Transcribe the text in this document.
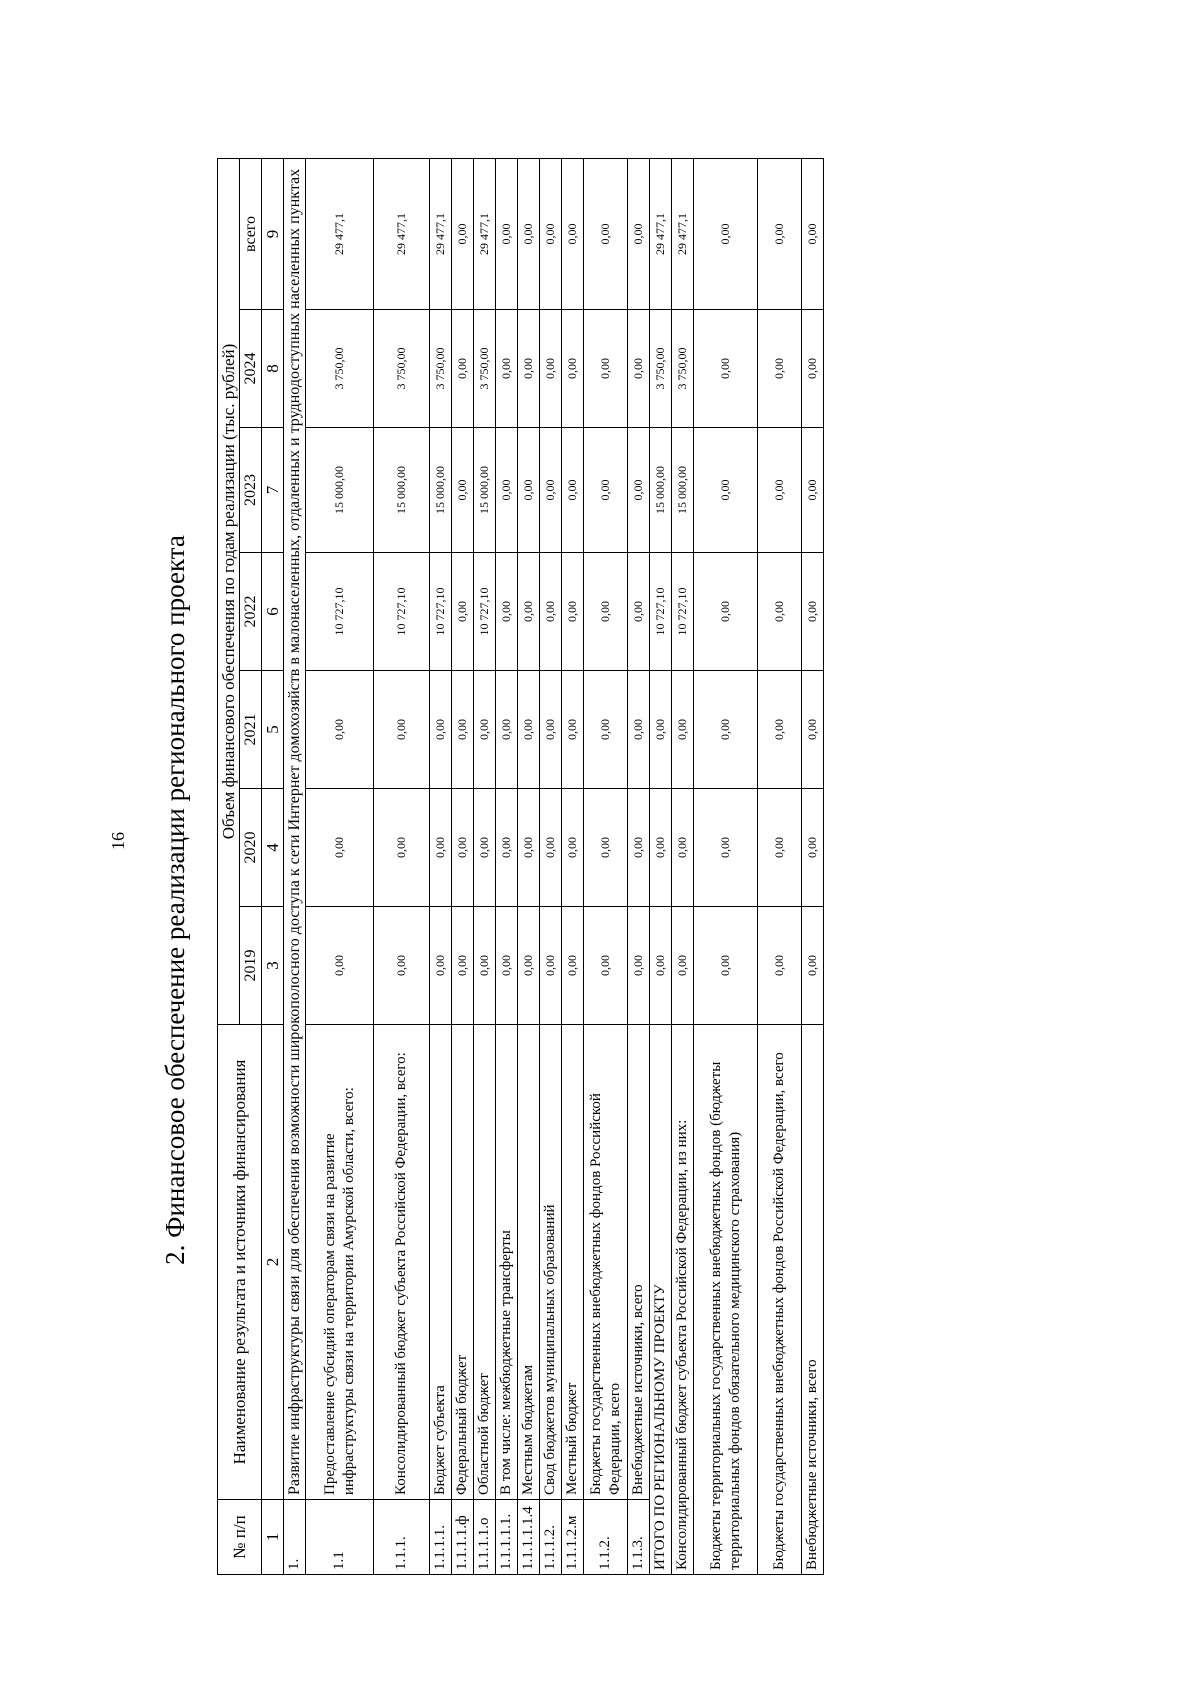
16 2. Финансовое обеспечение реализации регионального проекта
№ п/п	Наименование результата и источники финансирования	Объем финансового обеспечения по годам реализации (тыс. рублей)						
		2019	2020	2021	2022	2023	2024	всего
1	2	3	4	5	6	7	8	9
1.	Развитие инфраструктуры связи для обеспечения возможности широкополосного доступа к сети Интернет домохозяйств в малонаселенных, отдаленных и труднодоступных населенных пунктах							
1.1	Предоставление субсидий операторам связи на развитие инфраструктуры связи на территории Амурской области, всего:	0,00	0,00	0,00	10 727,10	15 000,00	3 750,00	29 477,1
1.1.1.	Консолидированный бюджет субъекта Российской Федерации, всего:	0,00	0,00	0,00	10 727,10	15 000,00	3 750,00	29 477,1
1.1.1.1.	Бюджет субъекта	0,00	0,00	0,00	10 727,10	15 000,00	3 750,00	29 477,1
1.1.1.1.ф	Федеральный бюджет	0,00	0,00	0,00	0,00	0,00	0,00	0,00
1.1.1.1.о	Областной бюджет	0,00	0,00	0,00	10 727,10	15 000,00	3 750,00	29 477,1
1.1.1.1.1.	В том числе: межбюджетные трансферты	0,00	0,00	0,00	0,00	0,00	0,00	0,00
1.1.1.1.1.4	Местным бюджетам	0,00	0,00	0,00	0,00	0,00	0,00	0,00
1.1.1.2.	Свод бюджетов муниципальных образований	0,00	0,00	0,00	0,00	0,00	0,00	0,00
1.1.1.2.м	Местный бюджет	0,00	0,00	0,00	0,00	0,00	0,00	0,00
1.1.2.	Бюджеты государственных внебюджетных фондов Российской Федерации, всего	0,00	0,00	0,00	0,00	0,00	0,00	0,00
1.1.3.	Внебюджетные источники, всего	0,00	0,00	0,00	0,00	0,00	0,00	0,00
ИТОГО ПО РЕГИОНАЛЬНОМУ ПРОЕКТУ		0,00	0,00	0,00	10 727,10	15 000,00	3 750,00	29 477,1
Консолидированный бюджет субъекта Российской Федерации, из них:		0,00	0,00	0,00	10 727,10	15 000,00	3 750,00	29 477,1
Бюджеты территориальных государственных внебюджетных фондов (бюджеты территориальных фондов обязательного медицинского страхования)		0,00	0,00	0,00	0,00	0,00	0,00	0,00
Бюджеты государственных внебюджетных фондов Российской Федерации, всего		0,00	0,00	0,00	0,00	0,00	0,00	0,00
Внебюджетные источники, всего		0,00	0,00	0,00	0,00	0,00	0,00	0,00
